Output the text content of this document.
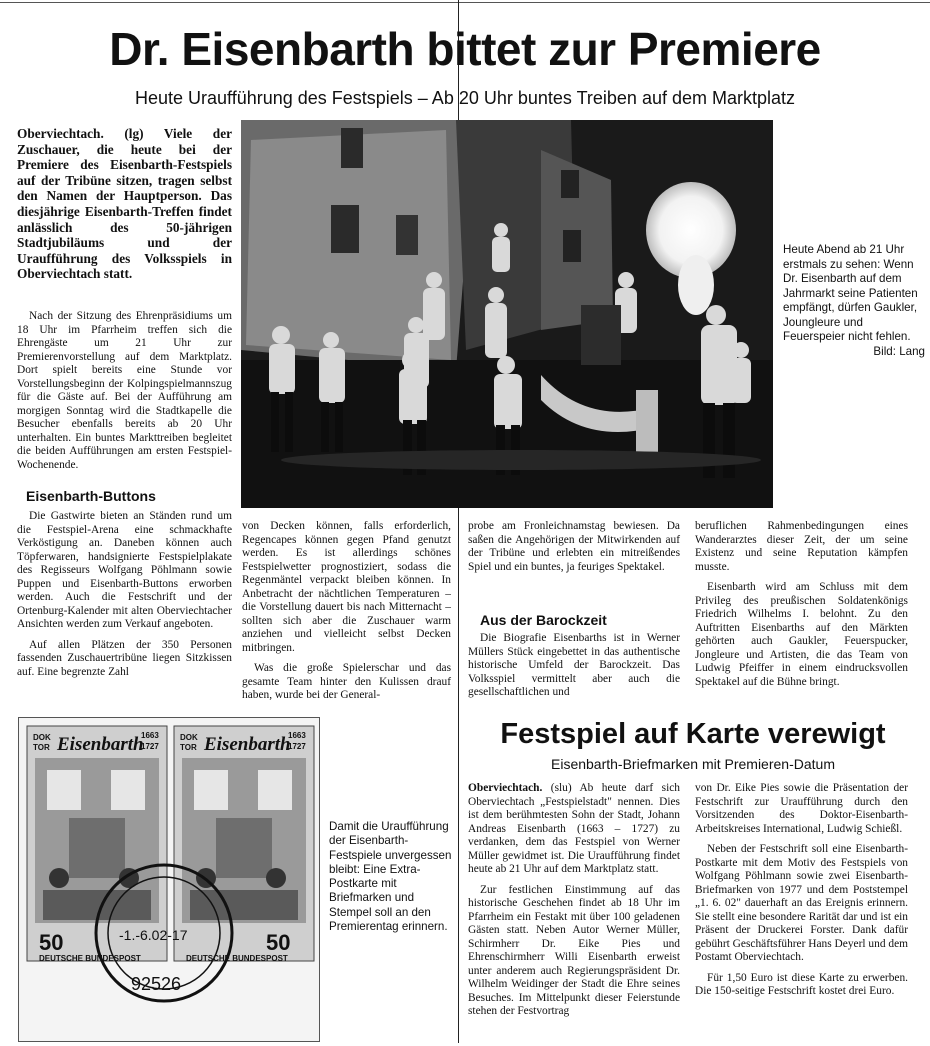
Dr. Eisenbarth bittet zur Premiere

Heute Uraufführung des Festspiels – Ab 20 Uhr buntes Treiben auf dem Marktplatz

Oberviechtach. (lg) Viele der Zuschauer, die heute bei der Premiere des Eisenbarth-Festspiels auf der Tribüne sitzen, tragen selbst den Namen der Hauptperson. Das diesjährige Eisenbarth-Treffen findet anlässlich des 50-jährigen Stadtjubiläums und der Uraufführung des Volksspiels in Oberviechtach statt.

Nach der Sitzung des Ehrenpräsidiums um 18 Uhr im Pfarrheim treffen sich die Ehrengäste um 21 Uhr zur Premierenvorstellung auf dem Marktplatz. Dort spielt bereits eine Stunde vor Vorstellungsbeginn der Kolpingspielmannszug für die Gäste auf. Bei der Aufführung am morgigen Sonntag wird die Stadtkapelle die Besucher ebenfalls bereits ab 20 Uhr unterhalten. Ein buntes Markttreiben begleitet die beiden Aufführungen am ersten Festspiel-Wochenende.

Eisenbarth-Buttons

Die Gastwirte bieten an Ständen rund um die Festspiel-Arena eine schmackhafte Verköstigung an. Daneben können auch Töpferwaren, handsignierte Festspielplakate des Regisseurs Wolfgang Pöhlmann sowie Puppen und Eisenbarth-Buttons erworben werden. Auch die Festschrift und der Ortenburg-Kalender mit alten Oberviechtacher Ansichten werden zum Verkauf angeboten.

Auf allen Plätzen der 350 Personen fassenden Zuschauertribüne liegen Sitzkissen auf. Eine begrenzte Zahl

Heute Abend ab 21 Uhr erstmals zu sehen: Wenn Dr. Eisenbarth auf dem Jahrmarkt seine Patienten empfängt, dürfen Gaukler, Joungleure und Feuerspeier nicht fehlen.
Bild: Lang

von Decken können, falls erforderlich, Regencapes können gegen Pfand genutzt werden. Es ist allerdings schönes Festspielwetter prognostiziert, sodass die Regenmäntel verpackt bleiben können. In Anbetracht der nächtlichen Temperaturen – die Vorstellung dauert bis nach Mitternacht – sollten sich aber die Zuschauer warm anziehen und vielleicht selbst Decken mitbringen.

Was die große Spielerschar und das gesamte Team hinter den Kulissen drauf haben, wurde bei der General-

probe am Fronleichnamstag bewiesen. Da saßen die Angehörigen der Mitwirkenden auf der Tribüne und erlebten ein mitreißendes Spiel und ein buntes, ja feuriges Spektakel.

Aus der Barockzeit

Die Biografie Eisenbarths ist in Werner Müllers Stück eingebettet in das authentische historische Umfeld der Barockzeit. Das Volksspiel vermittelt aber auch die gesellschaftlichen und

beruflichen Rahmenbedingungen eines Wanderarztes dieser Zeit, der um seine Existenz und seine Reputation kämpfen musste.

Eisenbarth wird am Schluss mit dem Privileg des preußischen Soldatenkönigs Friedrich Wilhelms I. belohnt. Zu den Auftritten Eisenbarths auf den Märkten gehörten auch Gaukler, Feuerspucker, Jongleure und Artisten, die das Team von Ludwig Pfeiffer in einem eindrucksvollen Spektakel auf die Bühne bringt.

DOK
TOR Eisenbarth
1663
1727
50
DEUTSCHE BUNDESPOST
DOK
TOR Eisenbarth
1663
1727
50
DEUTSCHE BUNDESPOST
-1.-6.02-17
92526

Damit die Uraufführung der Eisenbarth-Festspiele unvergessen bleibt: Eine Extra-Postkarte mit Briefmarken und Stempel soll an den Premierentag erinnern.

Festspiel auf Karte verewigt

Eisenbarth-Briefmarken mit Premieren-Datum

Oberviechtach. (slu) Ab heute darf sich Oberviechtach „Festspielstadt" nennen. Dies ist dem berühmtesten Sohn der Stadt, Johann Andreas Eisenbarth (1663 – 1727) zu verdanken, dem das Festspiel von Werner Müller gewidmet ist. Die Uraufführung findet heute ab 21 Uhr auf dem Marktplatz statt.

Zur festlichen Einstimmung auf das historische Geschehen findet ab 18 Uhr im Pfarrheim ein Festakt mit über 100 geladenen Gästen statt. Neben Autor Werner Müller, Schirmherr Dr. Eike Pies und Ehrenschirmherr Willi Eisenbarth erweist unter anderem auch Regierungspräsident Dr. Wilhelm Weidinger der Stadt die Ehre seines Besuches. Im Mittelpunkt dieser Feierstunde stehen der Festvortrag

von Dr. Eike Pies sowie die Präsentation der Festschrift zur Uraufführung durch den Vorsitzenden des Doktor-Eisenbarth-Arbeitskreises International, Ludwig Schießl.

Neben der Festschrift soll eine Eisenbarth-Postkarte mit dem Motiv des Festspiels von Wolfgang Pöhlmann sowie zwei Eisenbarth-Briefmarken von 1977 und dem Poststempel „1. 6. 02" dauerhaft an das Ereignis erinnern. Sie stellt eine besondere Rarität dar und ist ein Präsent der Druckerei Forster. Dank dafür gebührt Geschäftsführer Hans Deyerl und dem Postamt Oberviechtach.

Für 1,50 Euro ist diese Karte zu erwerben. Die 150-seitige Festschrift kostet drei Euro.
